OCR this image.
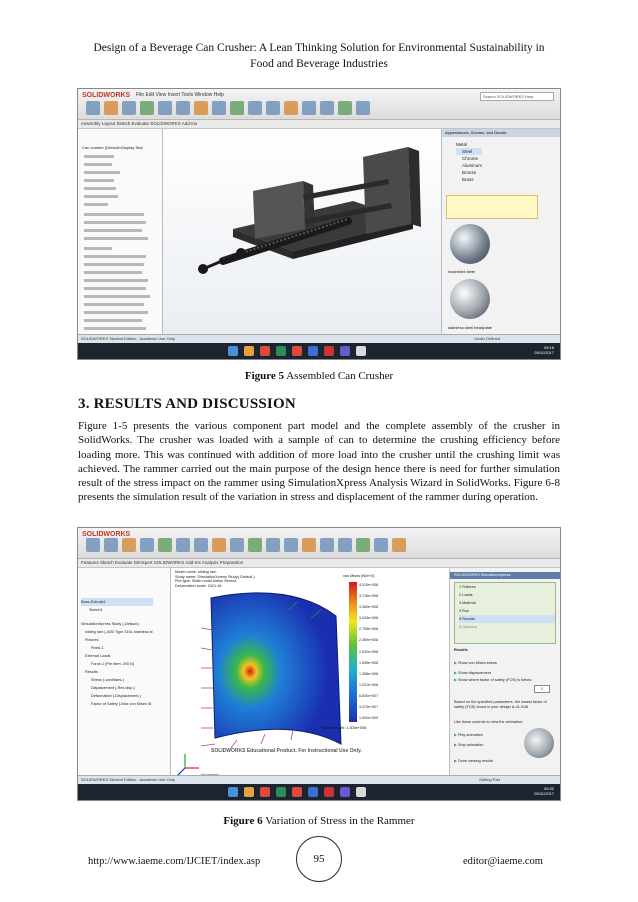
Design of a Beverage Can Crusher: A Lean Thinking Solution for Environmental Sustainability in
Food and Beverage Industries
SOLIDWORKS File Edit View Insert Tools Window Help	Search SOLIDWORKS Help
Assembly Layout Sketch Evaluate SOLIDWORKS Add-Ins
Can crusher (Default<Display Stat
Appearances, Scenes, and Decals
Metal
Steel
Chrome
Aluminum
Bronze
Brass
machined steel
stainless steel treadplate
SOLIDWORKS Student Edition - Academic Use Only	Under Defined
09:16
05/11/2017
Figure 5 Assembled Can Crusher
3. RESULTS AND DISCUSSION
Figure 1-5 presents the various component part model and the complete assembly of the crusher in SolidWorks. The crusher was loaded with a sample of can to determine the crushing efficiency before loading more. This was continued with addition of more load into the crusher until the crushing limit was achieved. The rammer carried out the main purpose of the design hence there is need for further simulation result of the stress impact on the rammer using SimulationXpress Analysis Wizard in SolidWorks. Figure 6-8 presents the simulation result of the variation in stress and displacement of the rammer during operation.
SOLIDWORKS
Features Sketch Evaluate DimXpert SOLIDWORKS Add-Ins Analysis Preparation
Boss-Extrude1
Sketch1
SimulationXpress Study (-Default-)
sliding ram (-AISI Type 316L stainless st
Fixtures
Fixed-1
External Loads
Force-1 (Per item: 200 N)
Results
Stress (-vonMises-)
Displacement (-Res disp-)
Deformation (-Displacement-)
Factor of Safety (-Max von Mises St
Model name: sliding ram
Study name: SimulationXpress Study(-Default-)
Plot type: Static nodal stress Stress1
Deformation scale: 2421.46
von Mises (N/m^2)
4.015e+008
3.716e+008
3.380e+008
3.043e+008
2.706e+008
2.369e+008
2.032e+008
1.695e+008
1.358e+008
1.021e+008
6.840e+007
3.470e+007
1.000e+005
Yield strength: 1.300e+008
SOLIDWORKS Educational Product. For Instructional Use Only.
SOLIDWORKS SimulationXpress
1 Fixtures
2 Loads
3 Material
4 Run
5 Results
6 Optimize
Results
▶ Show von Mises stress
▶ Show displacement
▶ Show where factor of safety (FOS) is below:
1
Based on the specified parameters, the lowest factor of safety (FOS) found in your design is 41.0/46
Use these controls to view the animation:
▶ Play animation
▶ Stop animation
▶ Done viewing results
SOLIDWORKS Student Edition - Academic Use Only	Editing Part
09:32
05/11/2017
Figure 6 Variation of Stress in the Rammer
http://www.iaeme.com/IJCIET/index.asp	95	editor@iaeme.com
